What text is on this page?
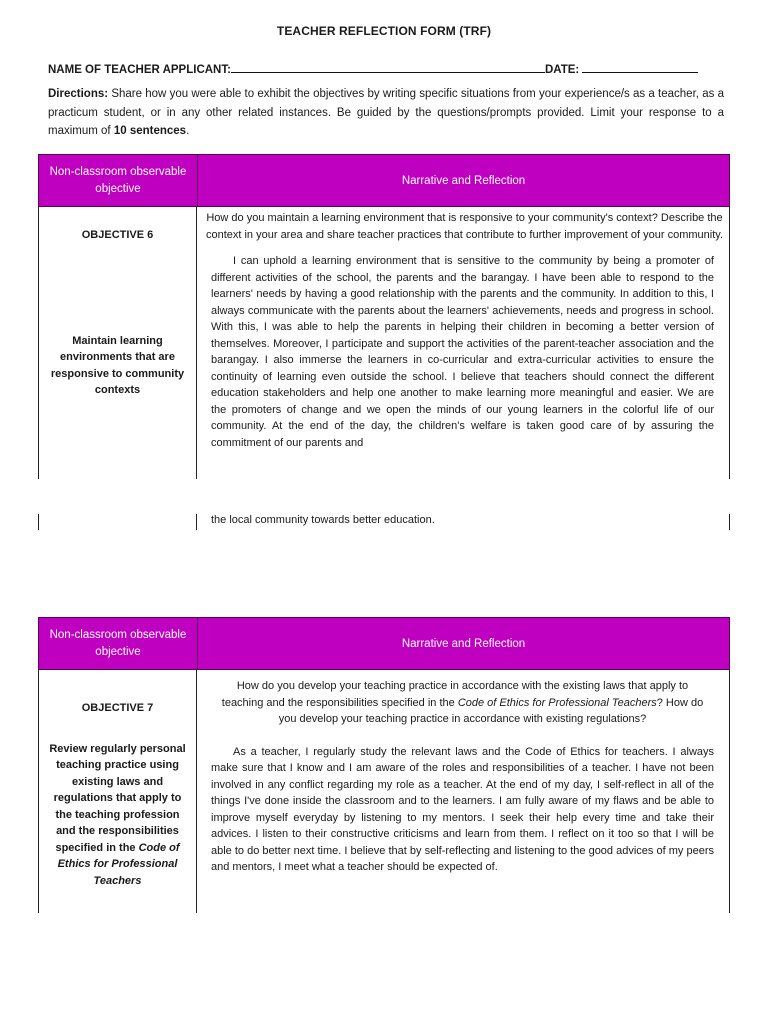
TEACHER REFLECTION FORM (TRF)
NAME OF TEACHER APPLICANT:	DATE:
Directions: Share how you were able to exhibit the objectives by writing specific situations from your experience/s as a teacher, as a practicum student, or in any other related instances. Be guided by the questions/prompts provided. Limit your response to a maximum of 10 sentences.
Non-classroom observable objective
Narrative and Reflection
OBJECTIVE 6
Maintain learning environments that are responsive to community contexts
How do you maintain a learning environment that is responsive to your community's context? Describe the context in your area and share teacher practices that contribute to further improvement of your community.
I can uphold a learning environment that is sensitive to the community by being a promoter of different activities of the school, the parents and the barangay. I have been able to respond to the learners' needs by having a good relationship with the parents and the community. In addition to this, I always communicate with the parents about the learners' achievements, needs and progress in school. With this, I was able to help the parents in helping their children in becoming a better version of themselves. Moreover, I participate and support the activities of the parent-teacher association and the barangay. I also immerse the learners in co-curricular and extra-curricular activities to ensure the continuity of learning even outside the school. I believe that teachers should connect the different education stakeholders and help one another to make learning more meaningful and easier. We are the promoters of change and we open the minds of our young learners in the colorful life of our community. At the end of the day, the children's welfare is taken good care of by assuring the commitment of our parents and
the local community towards better education.
Non-classroom observable objective
Narrative and Reflection
OBJECTIVE 7
Review regularly personal teaching practice using existing laws and regulations that apply to the teaching profession and the responsibilities specified in the Code of Ethics for Professional Teachers
How do you develop your teaching practice in accordance with the existing laws that apply to teaching and the responsibilities specified in the Code of Ethics for Professional Teachers? How do you develop your teaching practice in accordance with existing regulations?
As a teacher, I regularly study the relevant laws and the Code of Ethics for teachers. I always make sure that I know and I am aware of the roles and responsibilities of a teacher. I have not been involved in any conflict regarding my role as a teacher. At the end of my day, I self-reflect in all of the things I've done inside the classroom and to the learners. I am fully aware of my flaws and be able to improve myself everyday by listening to my mentors. I seek their help every time and take their advices. I listen to their constructive criticisms and learn from them. I reflect on it too so that I will be able to do better next time. I believe that by self-reflecting and listening to the good advices of my peers and mentors, I meet what a teacher should be expected of.
